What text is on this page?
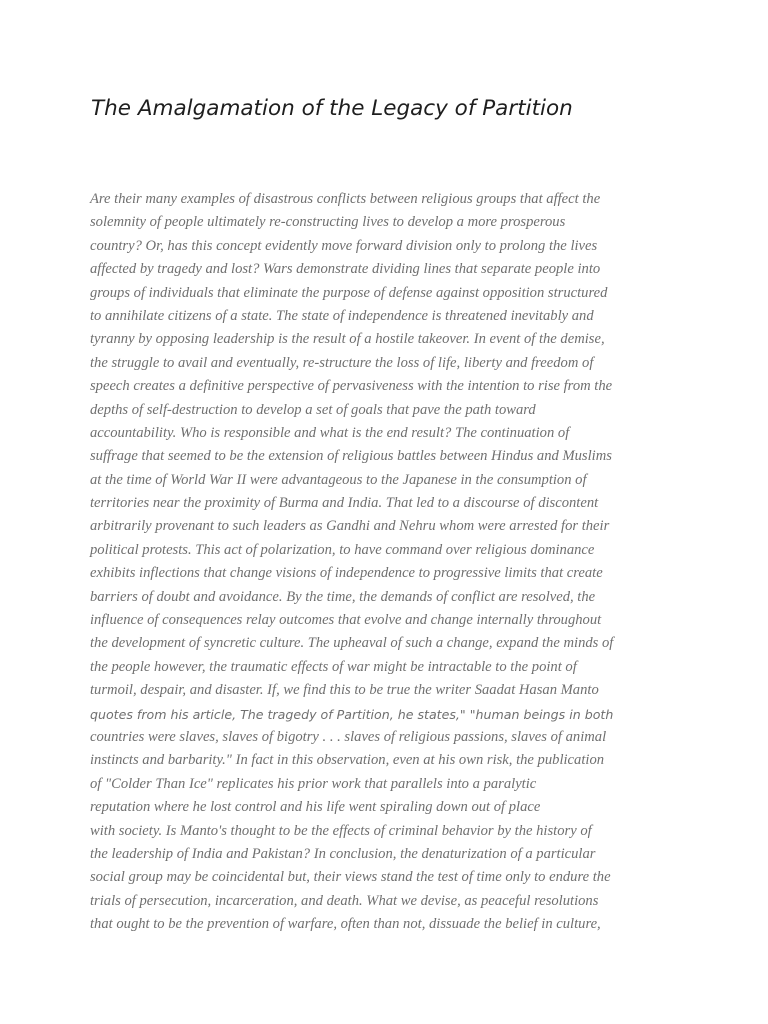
The Amalgamation of the Legacy of Partition
Are their many examples of disastrous conflicts between religious groups that affect the
solemnity of people ultimately re-constructing lives to develop a more prosperous
country? Or, has this concept evidently move forward division only to prolong the lives
affected by tragedy and lost? Wars demonstrate dividing lines that separate people into
groups of individuals that eliminate the purpose of defense against opposition structured
to annihilate citizens of a state. The state of independence is threatened inevitably and
tyranny by opposing leadership is the result of a hostile takeover. In event of the demise,
the struggle to avail and eventually, re-structure the loss of life, liberty and freedom of
speech creates a definitive perspective of pervasiveness with the intention to rise from the
depths of self-destruction to develop a set of goals that pave the path toward
accountability. Who is responsible and what is the end result? The continuation of
suffrage that seemed to be the extension of religious battles between Hindus and Muslims
at the time of World War II were advantageous to the Japanese in the consumption of
territories near the proximity of Burma and India. That led to a discourse of discontent
arbitrarily provenant to such leaders as Gandhi and Nehru whom were arrested for their
political protests. This act of polarization, to have command over religious dominance
exhibits inflections that change visions of independence to progressive limits that create
barriers of doubt and avoidance. By the time, the demands of conflict are resolved, the
influence of consequences relay outcomes that evolve and change internally throughout
the development of syncretic culture. The upheaval of such a change, expand the minds of
the people however, the traumatic effects of war might be intractable to the point of
turmoil, despair, and disaster. If, we find this to be true the writer Saadat Hasan Manto
quotes from his article, The tragedy of Partition, he states," "human beings in both
countries were slaves, slaves of bigotry . . . slaves of religious passions, slaves of animal
instincts and barbarity." In fact in this observation, even at his own risk, the publication
of "Colder Than Ice" replicates his prior work that parallels into a paralytic
reputation where he lost control and his life went spiraling down out of place
with society. Is Manto's thought to be the effects of criminal behavior by the history of
the leadership of India and Pakistan? In conclusion, the denaturization of a particular
social group may be coincidental but, their views stand the test of time only to endure the
trials of persecution, incarceration, and death. What we devise, as peaceful resolutions
that ought to be the prevention of warfare, often than not, dissuade the belief in culture,
